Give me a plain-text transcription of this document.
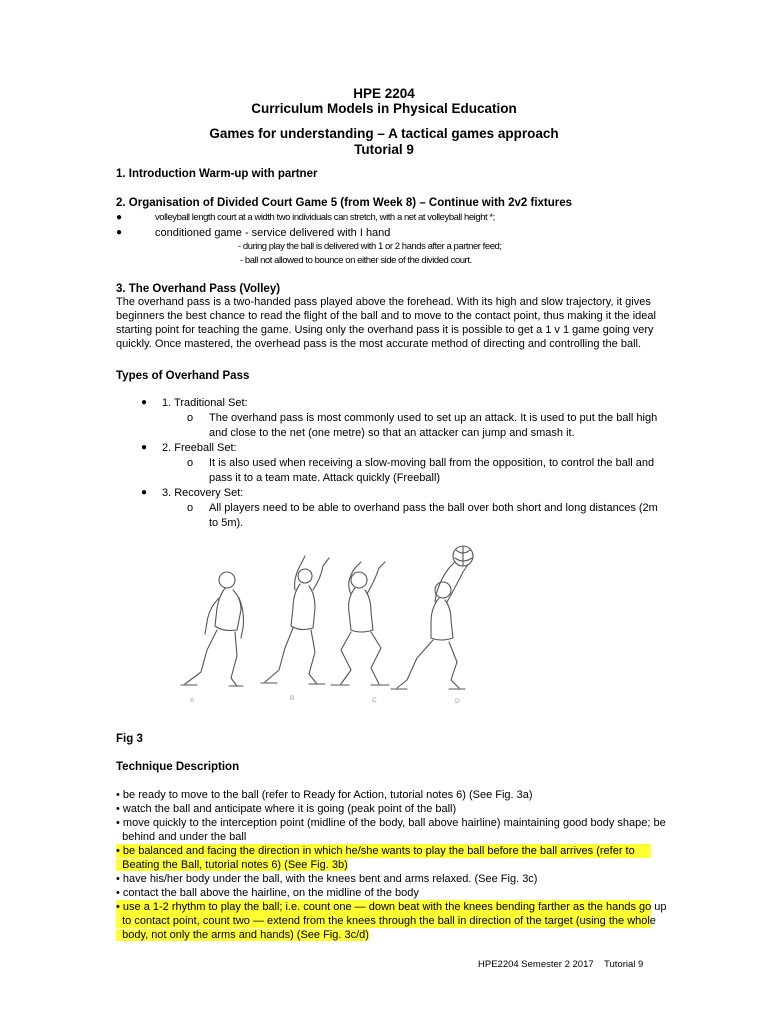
HPE 2204
Curriculum Models in Physical Education
Games for understanding – A tactical games approach
Tutorial 9
1. Introduction Warm-up with partner
2. Organisation of Divided Court Game 5 (from Week 8) – Continue with 2v2 fixtures
●	volleyball length court at a width two individuals can stretch, with a net at volleyball height *;
●	conditioned game - service delivered with I hand
- during play the ball is delivered with 1 or 2 hands after a partner feed;
- ball not allowed to bounce on either side of the divided court.
3. The Overhand Pass (Volley)
The overhand pass is a two-handed pass played above the forehead. With its high and slow trajectory, it gives
beginners the best chance to read the flight of the ball and to move to the contact point, thus making it the ideal
starting point for teaching the game. Using only the overhand pass it is possible to get a 1 v 1 game going very
quickly. Once mastered, the overhead pass is the most accurate method of directing and controlling the ball.
Types of Overhand Pass
● 1. Traditional Set:
o The overhand pass is most commonly used to set up an attack. It is used to put the ball high
and close to the net (one metre) so that an attacker can jump and smash it.
● 2. Freeball Set:
o It is also used when receiving a slow-moving ball from the opposition, to control the ball and
pass it to a team mate. Attack quickly (Freeball)
● 3. Recovery Set:
o All players need to be able to overhand pass the ball over both short and long distances (2m
to 5m).
A	B	C	D
Fig 3
Technique Description
• be ready to move to the ball (refer to Ready for Action, tutorial notes 6) (See Fig. 3a)
• watch the ball and anticipate where it is going (peak point of the ball)
• move quickly to the interception point (midline of the body, ball above hairline) maintaining good body shape; be
behind and under the ball
• be balanced and facing the direction in which he/she wants to play the ball before the ball arrives (refer to
Beating the Ball, tutorial notes 6) (See Fig. 3b)
• have his/her body under the ball, with the knees bent and arms relaxed. (See Fig. 3c)
• contact the ball above the hairline, on the midline of the body
• use a 1-2 rhythm to play the ball; i.e. count one — down beat with the knees bending farther as the hands go up
to contact point, count two — extend from the knees through the ball in direction of the target (using the whole
body, not only the arms and hands) (See Fig. 3c/d)
HPE2204 Semester 2 2017    Tutorial 9
